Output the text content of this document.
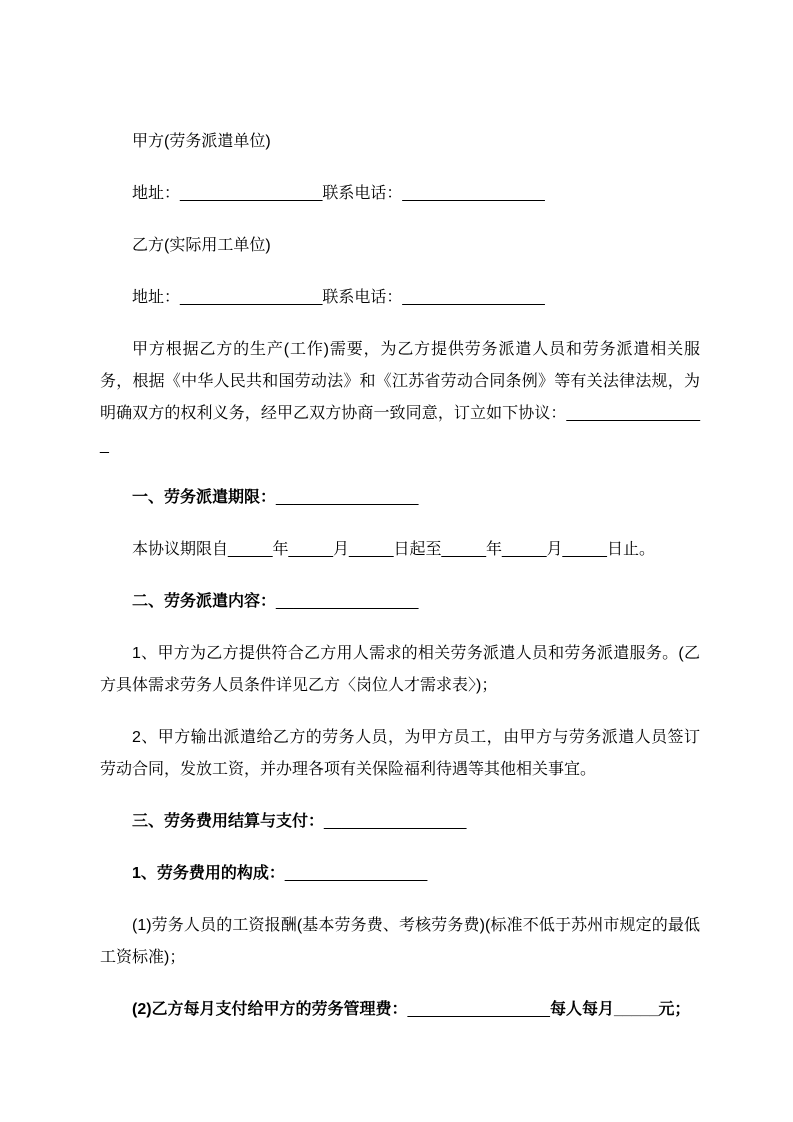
甲方(劳务派遣单位)

地址：________________联系电话：________________

乙方(实际用工单位)

地址：________________联系电话：________________

甲方根据乙方的生产(工作)需要，为乙方提供劳务派遣人员和劳务派遣相关服务，根据《中华人民共和国劳动法》和《江苏省劳动合同条例》等有关法律法规，为明确双方的权利义务，经甲乙双方协商一致同意，订立如下协议：________________

一、劳务派遣期限：________________

本协议期限自_____年_____月_____日起至_____年_____月_____日止。

二、劳务派遣内容：________________

1、甲方为乙方提供符合乙方用人需求的相关劳务派遣人员和劳务派遣服务。(乙方具体需求劳务人员条件详见乙方〈岗位人才需求表〉)；

2、甲方输出派遣给乙方的劳务人员，为甲方员工，由甲方与劳务派遣人员签订劳动合同，发放工资，并办理各项有关保险福利待遇等其他相关事宜。

三、劳务费用结算与支付：________________

1、劳务费用的构成：________________

(1)劳务人员的工资报酬(基本劳务费、考核劳务费)(标准不低于苏州市规定的最低工资标准)；

(2)乙方每月支付给甲方的劳务管理费：________________每人每月_____元；
